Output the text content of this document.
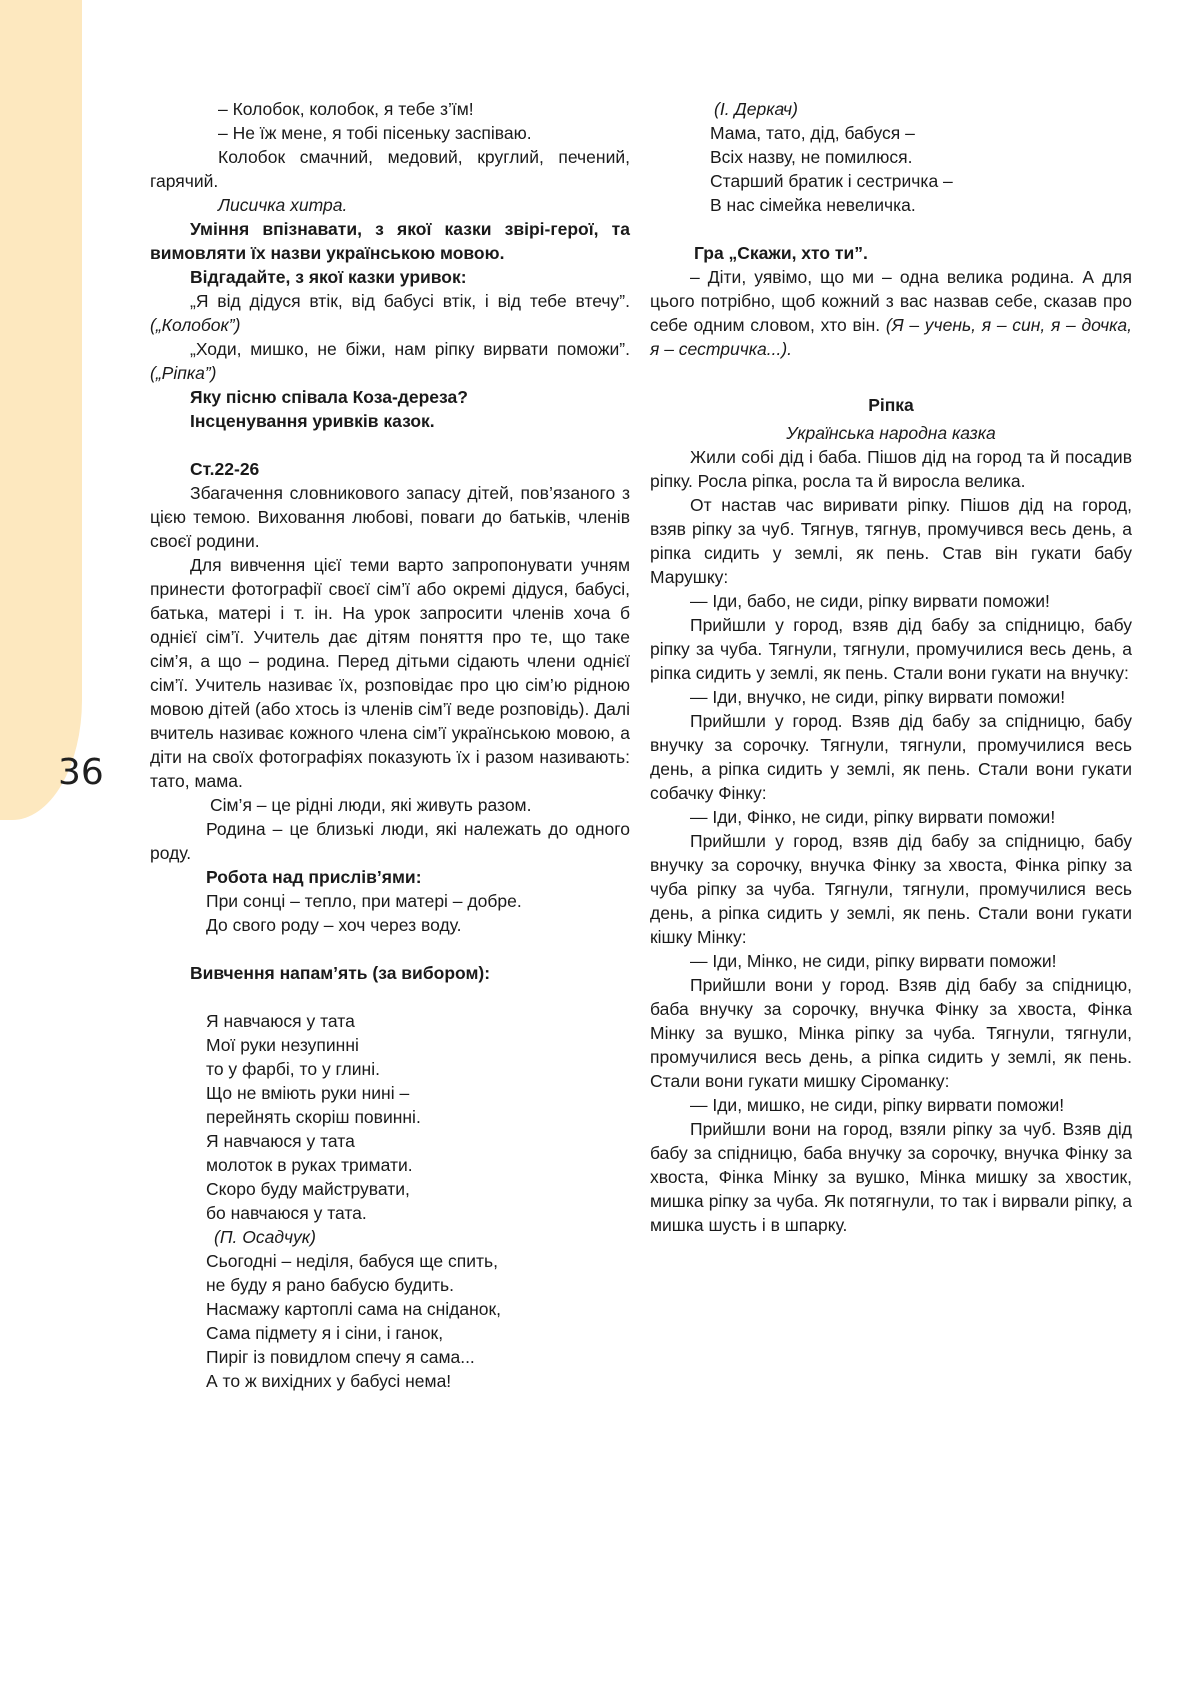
36

– Колобок, колобок, я тебе з’їм!

– Не їж мене, я тобі пісеньку заспіваю.

Колобок смачний, медовий, круглий, печений, гарячий.

Лисичка хитра.

Уміння впізнавати, з якої казки звірі-герої, та вимовляти їх назви українською мовою.

Відгадайте, з якої казки уривок:

„Я від дідуся втік, від бабусі втік, і від тебе втечу”. („Колобок”)

„Ходи, мишко, не біжи, нам ріпку вирвати поможи”. („Ріпка”)

Яку пісню співала Коза-дереза?

Інсценування уривків казок.

Ст.22-26

Збагачення словникового запасу дітей, пов’язаного з цією темою. Виховання любові, поваги до батьків, членів своєї родини.

Для вивчення цієї теми варто запропонувати учням принести фотографії своєї сім’ї або окремі дідуся, бабусі, батька, матері і т. ін. На урок запросити членів хоча б однієї сім’ї. Учитель дає дітям поняття про те, що таке сім’я, а що – родина. Перед дітьми сідають члени однієї сім’ї. Учитель називає їх, розповідає про цю сім’ю рідною мовою дітей (або хтось із членів сім’ї веде розповідь). Далі вчитель називає кожного члена сім’ї українською мовою, а діти на своїх фотографіях показують їх і разом називають: тато, мама.

Сім’я – це рідні люди, які живуть разом.

Родина – це близькі люди, які належать до одного роду.

Робота над прислів’ями:

При сонці – тепло, при матері – добре.

До свого роду – хоч через воду.

Вивчення напам’ять (за вибором):

Я навчаюся у тата

Мої руки незупинні

то у фарбі, то у глині.

Що не вміють руки нині –

перейнять скоріш повинні.

Я навчаюся у тата

молоток в руках тримати.

Скоро буду майструвати,

бо навчаюся у тата.

(П. Осадчук)

Сьогодні – неділя, бабуся ще спить,

не буду я рано бабусю будить.

Насмажу картоплі сама на сніданок,

Сама підмету я і сіни, і ганок,

Пиріг із повидлом спечу я сама...

А то ж вихідних у бабусі нема!

(І. Деркач)

Мама, тато, дід, бабуся –

Всіх назву, не помилюся.

Старший братик і сестричка –

В нас сімейка невеличка.

Гра „Скажи, хто ти”.

– Діти, уявімо, що ми – одна велика родина. А для цього потрібно, щоб кожний з вас назвав себе, сказав про себе одним словом, хто він. (Я – учень, я – син, я – дочка, я – сестричка...).

Ріпка

Українська народна казка

Жили собі дід і баба. Пішов дід на город та й посадив ріпку. Росла ріпка, росла та й виросла велика.

От настав час виривати ріпку. Пішов дід на город, взяв ріпку за чуб. Тягнув, тягнув, промучився весь день, а ріпка сидить у землі, як пень. Став він гукати бабу Марушку:

— Іди, бабо, не сиди, ріпку вирвати поможи!

Прийшли у город, взяв дід бабу за спідницю, бабу ріпку за чуба. Тягнули, тягнули, промучилися весь день, а ріпка сидить у землі, як пень. Стали вони гукати на внучку:

— Іди, внучко, не сиди, ріпку вирвати поможи!

Прийшли у город. Взяв дід бабу за спідницю, бабу внучку за сорочку. Тягнули, тягнули, промучилися весь день, а ріпка сидить у землі, як пень. Стали вони гукати собачку Фінку:

— Іди, Фінко, не сиди, ріпку вирвати поможи!

Прийшли у город, взяв дід бабу за спідницю, бабу внучку за сорочку, внучка Фінку за хвоста, Фінка ріпку за чуба ріпку за чуба. Тягнули, тягнули, промучилися весь день, а ріпка сидить у землі, як пень. Стали вони гукати кішку Мінку:

— Іди, Мінко, не сиди, ріпку вирвати поможи!

Прийшли вони у город. Взяв дід бабу за спідницю, баба внучку за сорочку, внучка Фінку за хвоста, Фінка Мінку за вушко, Мінка ріпку за чуба. Тягнули, тягнули, промучилися весь день, а ріпка сидить у землі, як пень. Стали вони гукати мишку Сіроманку:

— Іди, мишко, не сиди, ріпку вирвати поможи!

Прийшли вони на город, взяли ріпку за чуб. Взяв дід бабу за спідницю, баба внучку за сорочку, внучка Фінку за хвоста, Фінка Мінку за вушко, Мінка мишку за хвостик, мишка ріпку за чуба. Як потягнули, то так і вирвали ріпку, а мишка шусть і в шпарку.
